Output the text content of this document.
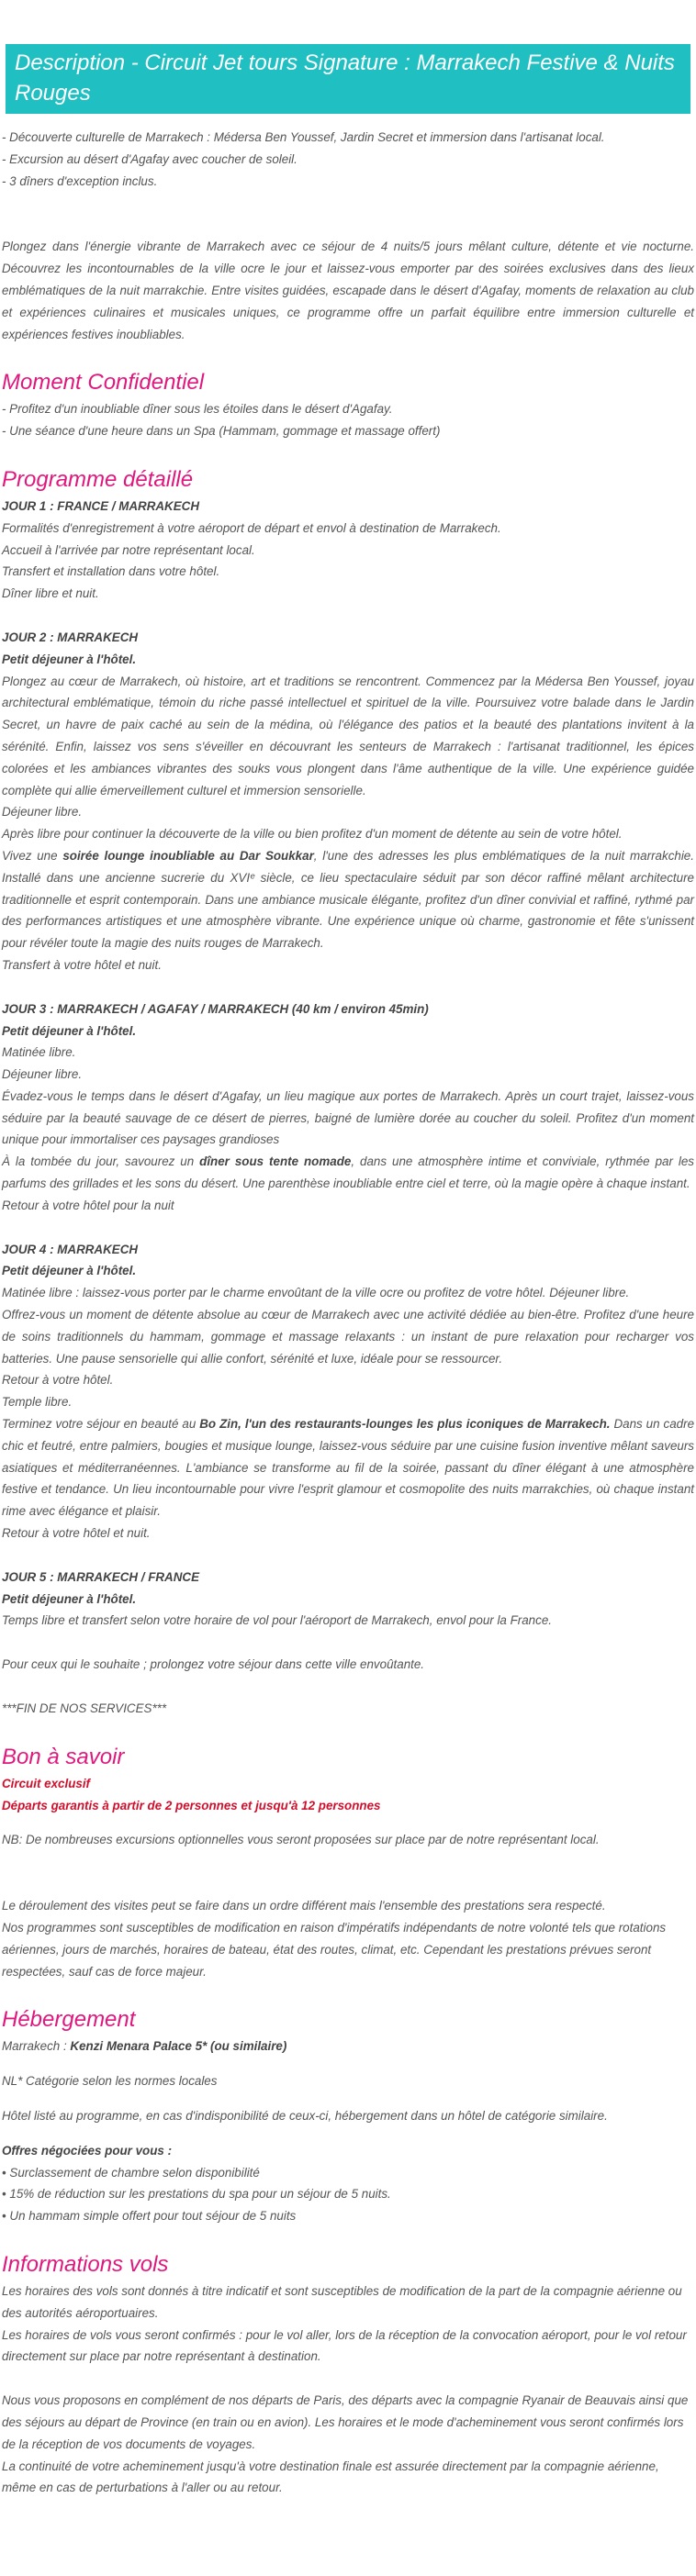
Description - Circuit Jet tours Signature : Marrakech Festive & Nuits Rouges

- Découverte culturelle de Marrakech : Médersa Ben Youssef, Jardin Secret et immersion dans l'artisanat local.

- Excursion au désert d'Agafay avec coucher de soleil.

- 3 dîners d'exception inclus.

Plongez dans l'énergie vibrante de Marrakech avec ce séjour de 4 nuits/5 jours mêlant culture, détente et vie nocturne. Découvrez les incontournables de la ville ocre le jour et laissez-vous emporter par des soirées exclusives dans des lieux emblématiques de la nuit marrakchie. Entre visites guidées, escapade dans le désert d'Agafay, moments de relaxation au club et expériences culinaires et musicales uniques, ce programme offre un parfait équilibre entre immersion culturelle et expériences festives inoubliables.

Moment Confidentiel

- Profitez d'un inoubliable dîner sous les étoiles dans le désert d'Agafay.

- Une séance d'une heure dans un Spa (Hammam, gommage et massage offert)

Programme détaillé

JOUR 1 : FRANCE / MARRAKECH

Formalités d'enregistrement à votre aéroport de départ et envol à destination de Marrakech.

Accueil à l'arrivée par notre représentant local.

Transfert et installation dans votre hôtel.

Dîner libre et nuit.

JOUR 2 : MARRAKECH

Petit déjeuner à l'hôtel.

Plongez au cœur de Marrakech, où histoire, art et traditions se rencontrent. Commencez par la Médersa Ben Youssef, joyau architectural emblématique, témoin du riche passé intellectuel et spirituel de la ville. Poursuivez votre balade dans le Jardin Secret, un havre de paix caché au sein de la médina, où l'élégance des patios et la beauté des plantations invitent à la sérénité. Enfin, laissez vos sens s'éveiller en découvrant les senteurs de Marrakech : l'artisanat traditionnel, les épices colorées et les ambiances vibrantes des souks vous plongent dans l'âme authentique de la ville. Une expérience guidée complète qui allie émerveillement culturel et immersion sensorielle.

Déjeuner libre.

Après libre pour continuer la découverte de la ville ou bien profitez d'un moment de détente au sein de votre hôtel.

Vivez une soirée lounge inoubliable au Dar Soukkar, l'une des adresses les plus emblématiques de la nuit marrakchie. Installé dans une ancienne sucrerie du XVIᵉ siècle, ce lieu spectaculaire séduit par son décor raffiné mêlant architecture traditionnelle et esprit contemporain. Dans une ambiance musicale élégante, profitez d'un dîner convivial et raffiné, rythmé par des performances artistiques et une atmosphère vibrante. Une expérience unique où charme, gastronomie et fête s'unissent pour révéler toute la magie des nuits rouges de Marrakech.

Transfert à votre hôtel et nuit.

JOUR 3 : MARRAKECH / AGAFAY / MARRAKECH (40 km / environ 45min)

Petit déjeuner à l'hôtel.

Matinée libre.

Déjeuner libre.

Évadez-vous le temps dans le désert d'Agafay, un lieu magique aux portes de Marrakech. Après un court trajet, laissez-vous séduire par la beauté sauvage de ce désert de pierres, baigné de lumière dorée au coucher du soleil. Profitez d'un moment unique pour immortaliser ces paysages grandioses

À la tombée du jour, savourez un dîner sous tente nomade, dans une atmosphère intime et conviviale, rythmée par les parfums des grillades et les sons du désert. Une parenthèse inoubliable entre ciel et terre, où la magie opère à chaque instant.

Retour à votre hôtel pour la nuit

JOUR 4 : MARRAKECH

Petit déjeuner à l'hôtel.

Matinée libre : laissez-vous porter par le charme envoûtant de la ville ocre ou profitez de votre hôtel. Déjeuner libre.

Offrez-vous un moment de détente absolue au cœur de Marrakech avec une activité dédiée au bien-être. Profitez d'une heure de soins traditionnels du hammam, gommage et massage relaxants : un instant de pure relaxation pour recharger vos batteries. Une pause sensorielle qui allie confort, sérénité et luxe, idéale pour se ressourcer.

Retour à votre hôtel.

Temple libre.

Terminez votre séjour en beauté au Bo Zin, l'un des restaurants-lounges les plus iconiques de Marrakech. Dans un cadre chic et feutré, entre palmiers, bougies et musique lounge, laissez-vous séduire par une cuisine fusion inventive mêlant saveurs asiatiques et méditerranéennes. L'ambiance se transforme au fil de la soirée, passant du dîner élégant à une atmosphère festive et tendance. Un lieu incontournable pour vivre l'esprit glamour et cosmopolite des nuits marrakchies, où chaque instant rime avec élégance et plaisir.

Retour à votre hôtel et nuit.

JOUR 5 : MARRAKECH / FRANCE

Petit déjeuner à l'hôtel.

Temps libre et transfert selon votre horaire de vol pour l'aéroport de Marrakech, envol pour la France.

Pour ceux qui le souhaite ; prolongez votre séjour dans cette ville envoûtante.

***FIN DE NOS SERVICES***

Bon à savoir

Circuit exclusif

Départs garantis à partir de 2 personnes et jusqu'à 12 personnes

NB: De nombreuses excursions optionnelles vous seront proposées sur place par de notre représentant local.

Le déroulement des visites peut se faire dans un ordre différent mais l'ensemble des prestations sera respecté.

Nos programmes sont susceptibles de modification en raison d'impératifs indépendants de notre volonté tels que rotations aériennes, jours de marchés, horaires de bateau, état des routes, climat, etc. Cependant les prestations prévues seront respectées, sauf cas de force majeur.

Hébergement

Marrakech : Kenzi Menara Palace 5* (ou similaire)

NL* Catégorie selon les normes locales

Hôtel listé au programme, en cas d'indisponibilité de ceux-ci, hébergement dans un hôtel de catégorie similaire.

Offres négociées pour vous :

• Surclassement de chambre selon disponibilité

• 15% de réduction sur les prestations du spa pour un séjour de 5 nuits.

• Un hammam simple offert pour tout séjour de 5 nuits

Informations vols

Les horaires des vols sont donnés à titre indicatif et sont susceptibles de modification de la part de la compagnie aérienne ou des autorités aéroportuaires.

Les horaires de vols vous seront confirmés : pour le vol aller, lors de la réception de la convocation aéroport, pour le vol retour directement sur place par notre représentant à destination.

Nous vous proposons en complément de nos départs de Paris, des départs avec la compagnie Ryanair de Beauvais ainsi que des séjours au départ de Province (en train ou en avion). Les horaires et le mode d'acheminement vous seront confirmés lors de la réception de vos documents de voyages.

La continuité de votre acheminement jusqu'à votre destination finale est assurée directement par la compagnie aérienne, même en cas de perturbations à l'aller ou au retour.
